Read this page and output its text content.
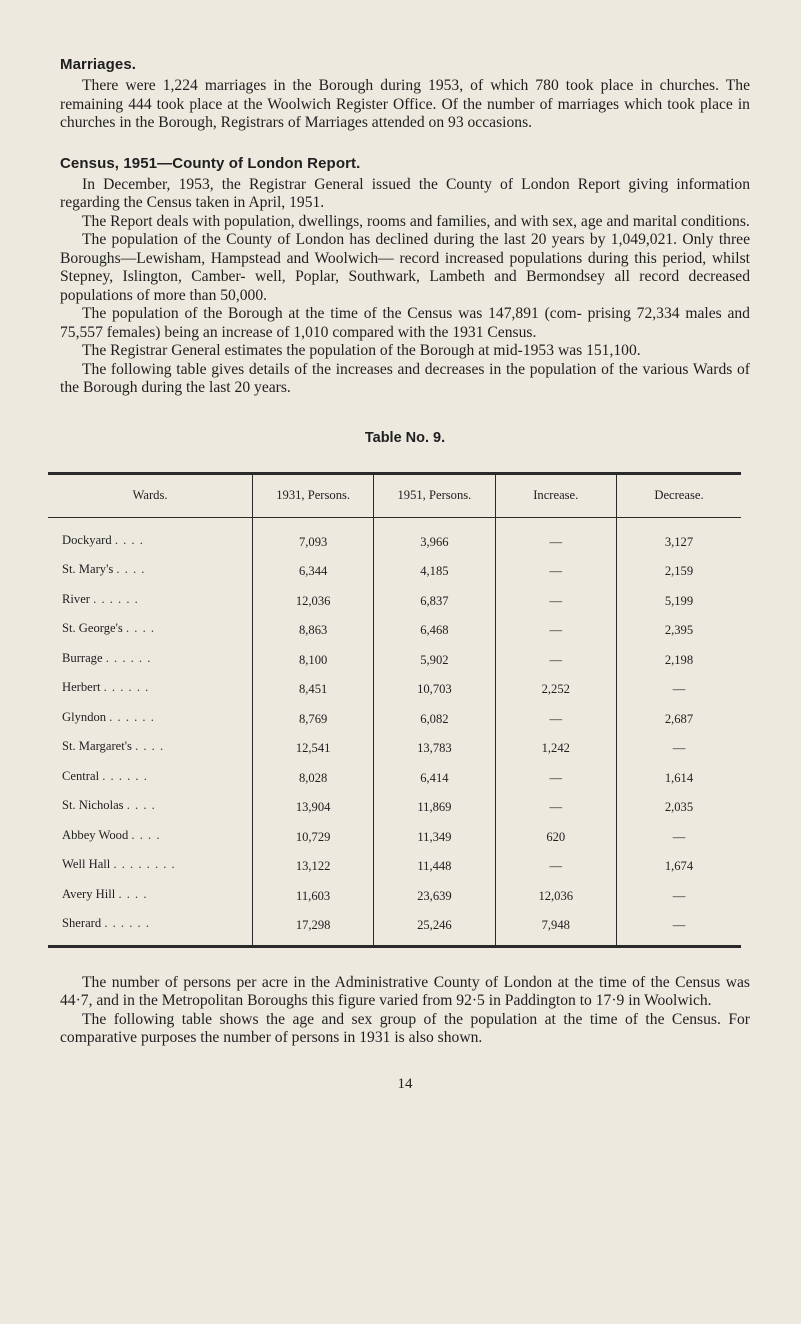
Marriages.

There were 1,224 marriages in the Borough during 1953, of which 780 took place in churches. The remaining 444 took place at the Woolwich Register Office. Of the number of marriages which took place in churches in the Borough, Registrars of Marriages attended on 93 occasions.

Census, 1951—County of London Report.

In December, 1953, the Registrar General issued the County of London Report giving information regarding the Census taken in April, 1951.

The Report deals with population, dwellings, rooms and families, and with sex, age and marital conditions.

The population of the County of London has declined during the last 20 years by 1,049,021. Only three Boroughs—Lewisham, Hampstead and Woolwich— record increased populations during this period, whilst Stepney, Islington, Camber- well, Poplar, Southwark, Lambeth and Bermondsey all record decreased populations of more than 50,000.

The population of the Borough at the time of the Census was 147,891 (com- prising 72,334 males and 75,557 females) being an increase of 1,010 compared with the 1931 Census.

The Registrar General estimates the population of the Borough at mid-1953 was 151,100.

The following table gives details of the increases and decreases in the population of the various Wards of the Borough during the last 20 years.

Table No. 9.
Wards.	1931, Persons.	1951, Persons.	Increase.	Decrease.
Dockyard . . . .	7,093	3,966	—	3,127
St. Mary's . . . .	6,344	4,185	—	2,159
River . . . . . .	12,036	6,837	—	5,199
St. George's . . . .	8,863	6,468	—	2,395
Burrage . . . . . .	8,100	5,902	—	2,198
Herbert . . . . . .	8,451	10,703	2,252	—
Glyndon . . . . . .	8,769	6,082	—	2,687
St. Margaret's . . . .	12,541	13,783	1,242	—
Central . . . . . .	8,028	6,414	—	1,614
St. Nicholas . . . .	13,904	11,869	—	2,035
Abbey Wood . . . .	10,729	11,349	620	—
Well Hall . . . . . . . .	13,122	11,448	—	1,674
Avery Hill . . . .	11,603	23,639	12,036	—
Sherard . . . . . .	17,298	25,246	7,948	—

The number of persons per acre in the Administrative County of London at the time of the Census was 44·7, and in the Metropolitan Boroughs this figure varied from 92·5 in Paddington to 17·9 in Woolwich.

The following table shows the age and sex group of the population at the time of the Census. For comparative purposes the number of persons in 1931 is also shown.

14
